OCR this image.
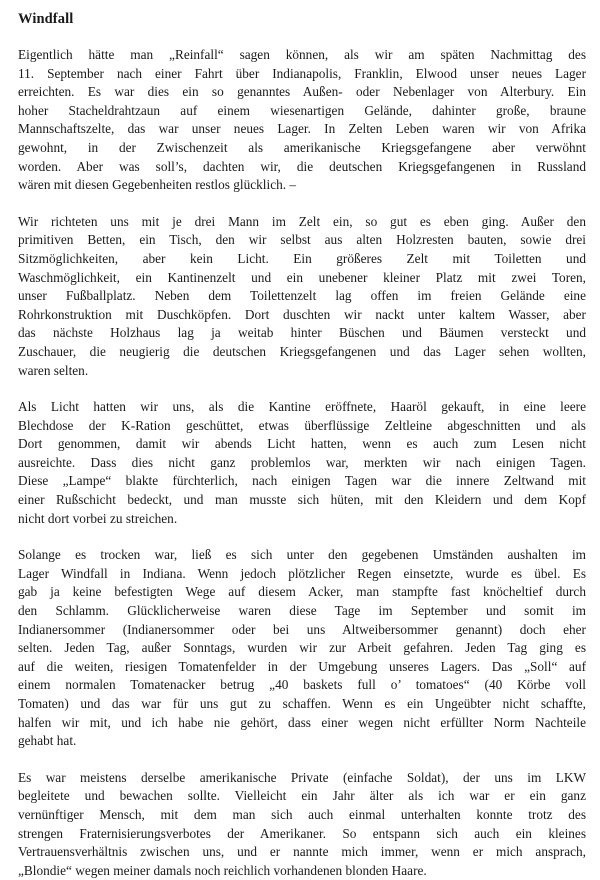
Windfall

Eigentlich hätte man „Reinfall“ sagen können, als wir am späten Nachmittag des
11. September nach einer Fahrt über Indianapolis, Franklin, Elwood unser neues Lager
erreichten. Es war dies ein so genanntes Außen- oder Nebenlager von Alterbury. Ein
hoher Stacheldrahtzaun auf einem wiesenartigen Gelände, dahinter große, braune
Mannschaftszelte, das war unser neues Lager. In Zelten Leben waren wir von Afrika
gewohnt, in der Zwischenzeit als amerikanische Kriegsgefangene aber verwöhnt
worden. Aber was soll’s, dachten wir, die deutschen Kriegsgefangenen in Russland
wären mit diesen Gegebenheiten restlos glücklich. –

Wir richteten uns mit je drei Mann im Zelt ein, so gut es eben ging. Außer den
primitiven Betten, ein Tisch, den wir selbst aus alten Holzresten bauten, sowie drei
Sitzmöglichkeiten, aber kein Licht. Ein größeres Zelt mit Toiletten und
Waschmöglichkeit, ein Kantinenzelt und ein unebener kleiner Platz mit zwei Toren,
unser Fußballplatz. Neben dem Toilettenzelt lag offen im freien Gelände eine
Rohrkonstruktion mit Duschköpfen. Dort duschten wir nackt unter kaltem Wasser, aber
das nächste Holzhaus lag ja weitab hinter Büschen und Bäumen versteckt und
Zuschauer, die neugierig die deutschen Kriegsgefangenen und das Lager sehen wollten,
waren selten.

Als Licht hatten wir uns, als die Kantine eröffnete, Haaröl gekauft, in eine leere
Blechdose der K-Ration geschüttet, etwas überflüssige Zeltleine abgeschnitten und als
Dort genommen, damit wir abends Licht hatten, wenn es auch zum Lesen nicht
ausreichte. Dass dies nicht ganz problemlos war, merkten wir nach einigen Tagen.
Diese „Lampe“ blakte fürchterlich, nach einigen Tagen war die innere Zeltwand mit
einer Rußschicht bedeckt, und man musste sich hüten, mit den Kleidern und dem Kopf
nicht dort vorbei zu streichen.

Solange es trocken war, ließ es sich unter den gegebenen Umständen aushalten im
Lager Windfall in Indiana. Wenn jedoch plötzlicher Regen einsetzte, wurde es übel. Es
gab ja keine befestigten Wege auf diesem Acker, man stampfte fast knöcheltief durch
den Schlamm. Glücklicherweise waren diese Tage im September und somit im
Indianersommer (Indianersommer oder bei uns Altweibersommer genannt) doch eher
selten. Jeden Tag, außer Sonntags, wurden wir zur Arbeit gefahren. Jeden Tag ging es
auf die weiten, riesigen Tomatenfelder in der Umgebung unseres Lagers. Das „Soll“ auf
einem normalen Tomatenacker betrug „40 baskets full o’ tomatoes“ (40 Körbe voll
Tomaten) und das war für uns gut zu schaffen. Wenn es ein Ungeübter nicht schaffte,
halfen wir mit, und ich habe nie gehört, dass einer wegen nicht erfüllter Norm Nachteile
gehabt hat.

Es war meistens derselbe amerikanische Private (einfache Soldat), der uns im LKW
begleitete und bewachen sollte. Vielleicht ein Jahr älter als ich war er ein ganz
vernünftiger Mensch, mit dem man sich auch einmal unterhalten konnte trotz des
strengen Fraternisierungsverbotes der Amerikaner. So entspann sich auch ein kleines
Vertrauensverhältnis zwischen uns, und er nannte mich immer, wenn er mich ansprach,
„Blondie“ wegen meiner damals noch reichlich vorhandenen blonden Haare.
